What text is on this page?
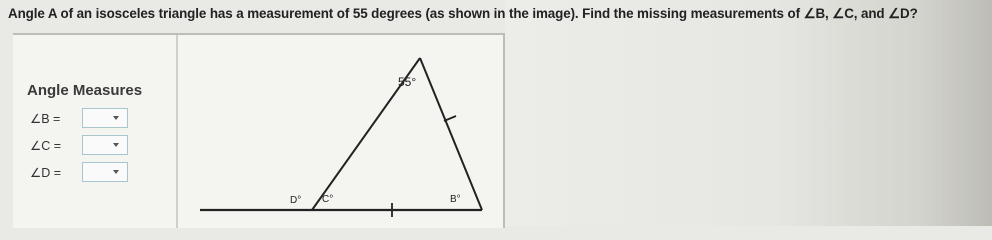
Angle A of an isosceles triangle has a measurement of 55 degrees (as shown in the image). Find the missing measurements of ∠B, ∠C, and ∠D?
Angle Measures
∠B =
∠C =
∠D =
55°
D° C°	B°
